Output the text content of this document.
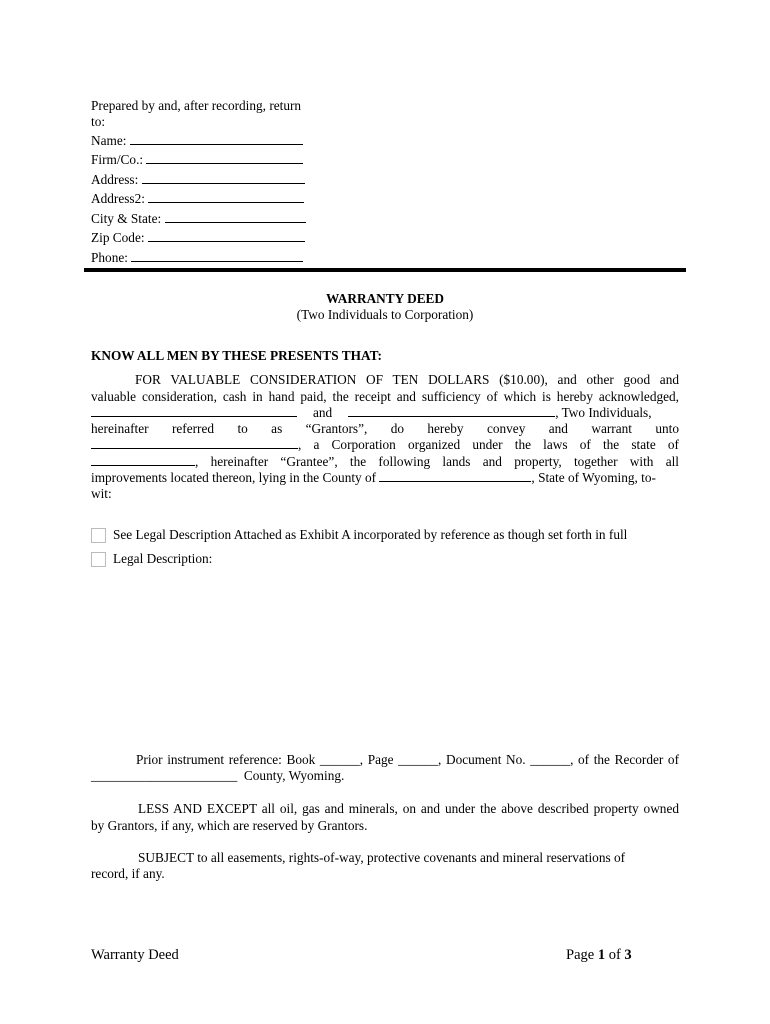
Prepared by and, after recording, return
to:
Name:
Firm/Co.:
Address:
Address2:
City & State:
Zip Code:
Phone:
WARRANTY DEED
(Two Individuals to Corporation)
KNOW ALL MEN BY THESE PRESENTS THAT:
FOR VALUABLE CONSIDERATION OF TEN DOLLARS ($10.00), and other good and
valuable consideration, cash in hand paid, the receipt and sufficiency of which is hereby acknowledged,
and	, Two Individuals,
hereinafter referred to as “Grantors”, do hereby convey and warrant unto
, a Corporation organized under the laws of the state of
, hereinafter “Grantee”, the following lands and property, together with all
improvements located thereon, lying in the County of	, State of Wyoming, to-
wit:
See Legal Description Attached as Exhibit A incorporated by reference as though set forth in full
Legal Description:
Prior instrument reference: Book ______, Page ______, Document No. ______, of the Recorder of
______________________  County, Wyoming.
LESS AND EXCEPT all oil, gas and minerals, on and under the above described property owned
by Grantors, if any, which are reserved by Grantors.
SUBJECT to all easements, rights-of-way, protective covenants and mineral reservations of
record, if any.
Warranty Deed	Page 1 of 3
